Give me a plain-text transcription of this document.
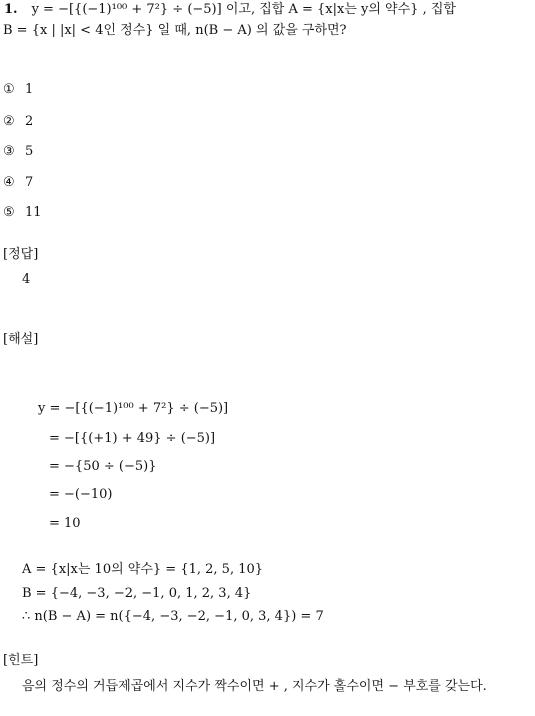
1. y = −[{(−1)¹⁰⁰ + 7²} ÷ (−5)] 이고, 집합 A = {x|x는 y의 약수} , 집합
B = {x | |x| < 4인 정수} 일 때, n(B − A) 의 값을 구하면?
① 1
② 2
③ 5
④ 7
⑤ 11
[정답]
4
[해설]
y = −[{(−1)¹⁰⁰ + 7²} ÷ (−5)]
= −[{(+1) + 49} ÷ (−5)]
= −{50 ÷ (−5)}
= −(−10)
= 10
A = {x|x는 10의 약수} = {1, 2, 5, 10}
B = {−4, −3, −2, −1, 0, 1, 2, 3, 4}
∴ n(B − A) = n({−4, −3, −2, −1, 0, 3, 4}) = 7
[힌트]
음의 정수의 거듭제곱에서 지수가 짝수이면 + , 지수가 홀수이면 − 부호를 갖는다.
